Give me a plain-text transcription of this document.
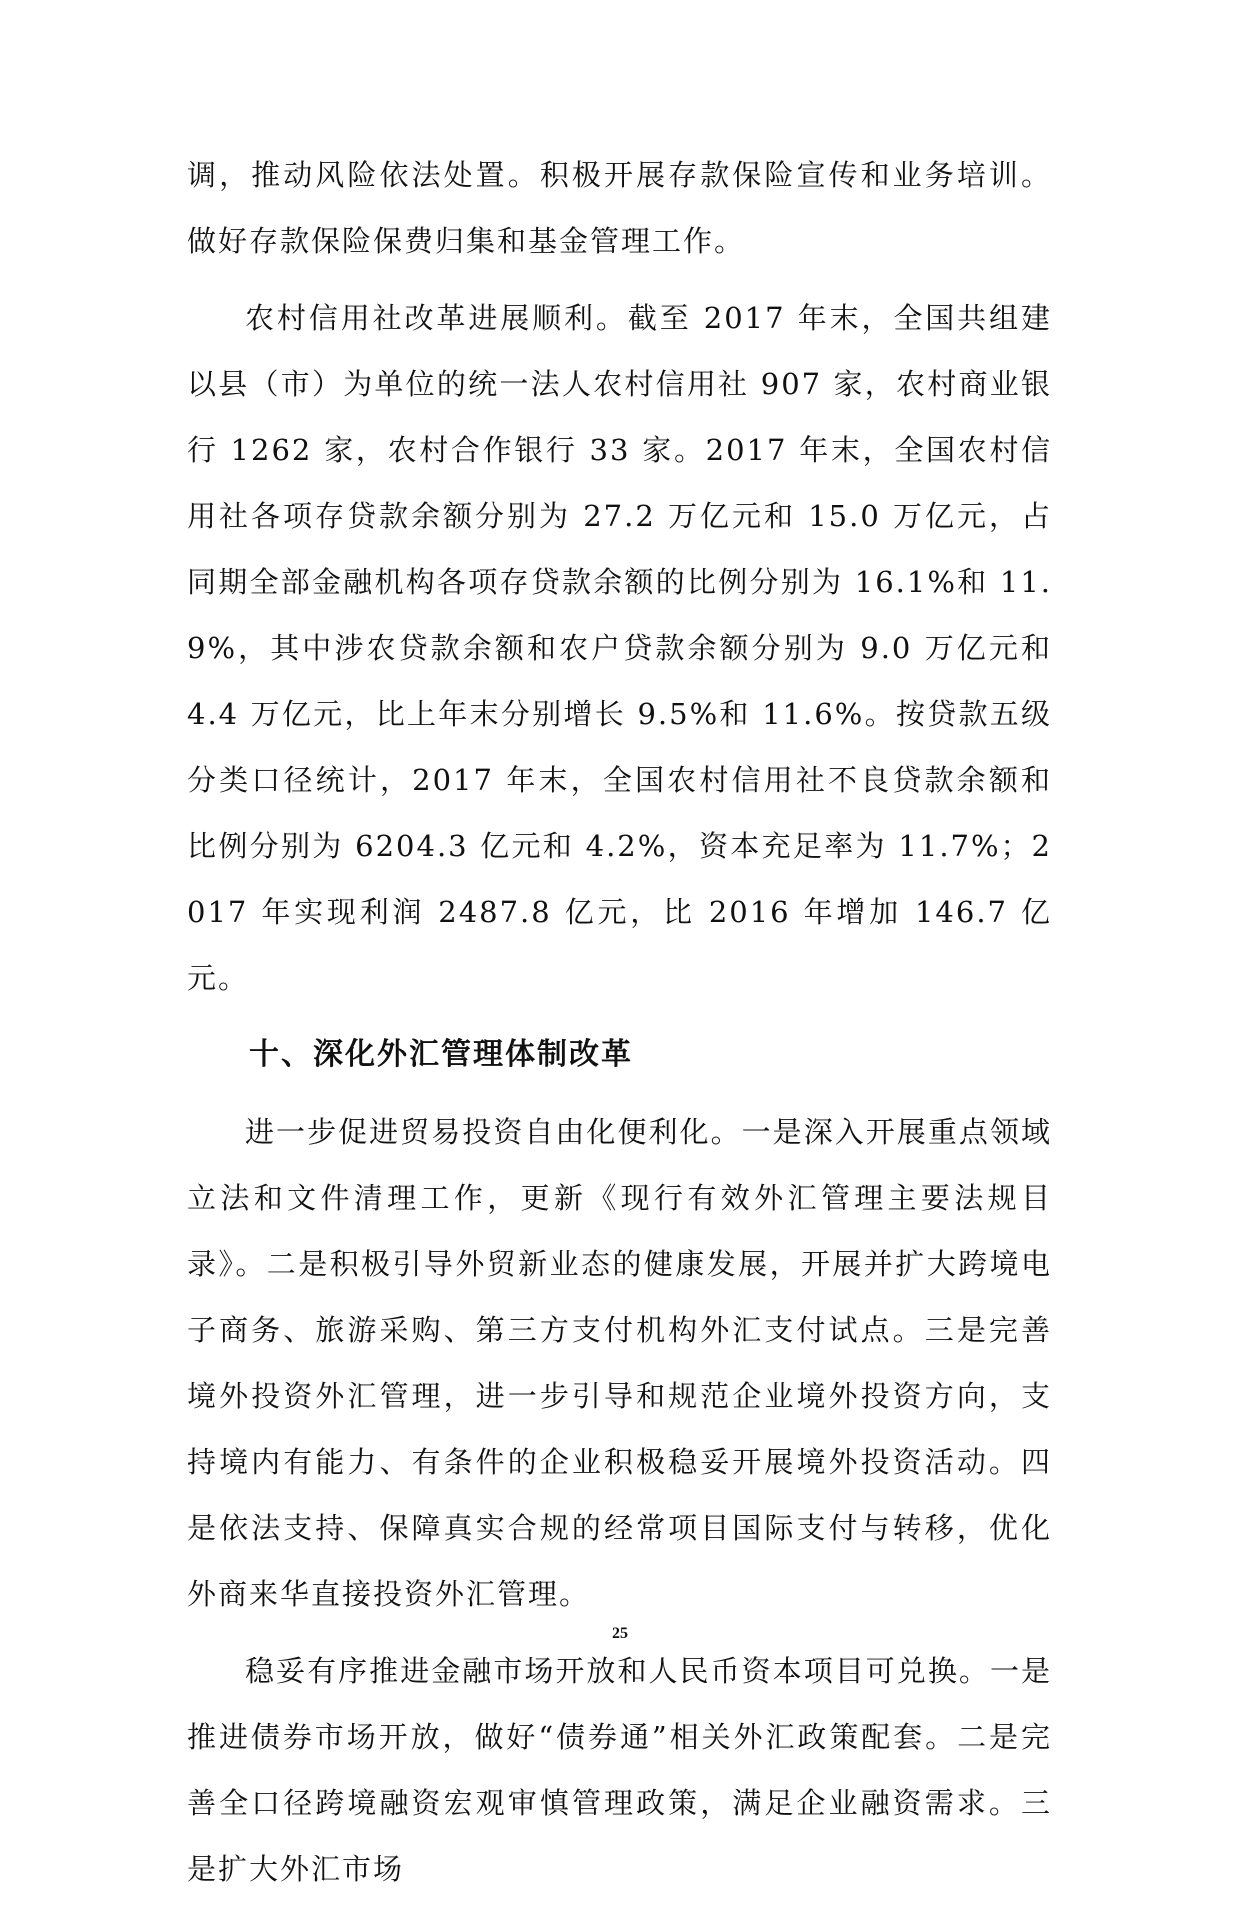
调，推动风险依法处置。积极开展存款保险宣传和业务培训。做好存款保险保费归集和基金管理工作。

农村信用社改革进展顺利。截至 2017 年末，全国共组建以县（市）为单位的统一法人农村信用社 907 家，农村商业银行 1262 家，农村合作银行 33 家。2017 年末，全国农村信用社各项存贷款余额分别为 27.2 万亿元和 15.0 万亿元，占同期全部金融机构各项存贷款余额的比例分别为 16.1%和 11.9%，其中涉农贷款余额和农户贷款余额分别为 9.0 万亿元和 4.4 万亿元，比上年末分别增长 9.5%和 11.6%。按贷款五级分类口径统计，2017 年末，全国农村信用社不良贷款余额和比例分别为 6204.3 亿元和 4.2%，资本充足率为 11.7%；2017 年实现利润 2487.8 亿元，比 2016 年增加 146.7 亿元。

十、深化外汇管理体制改革

进一步促进贸易投资自由化便利化。一是深入开展重点领域立法和文件清理工作，更新《现行有效外汇管理主要法规目录》。二是积极引导外贸新业态的健康发展，开展并扩大跨境电子商务、旅游采购、第三方支付机构外汇支付试点。三是完善境外投资外汇管理，进一步引导和规范企业境外投资方向，支持境内有能力、有条件的企业积极稳妥开展境外投资活动。四是依法支持、保障真实合规的经常项目国际支付与转移，优化外商来华直接投资外汇管理。

稳妥有序推进金融市场开放和人民币资本项目可兑换。一是推进债券市场开放，做好“债券通”相关外汇政策配套。二是完善全口径跨境融资宏观审慎管理政策，满足企业融资需求。三是扩大外汇市场

25
